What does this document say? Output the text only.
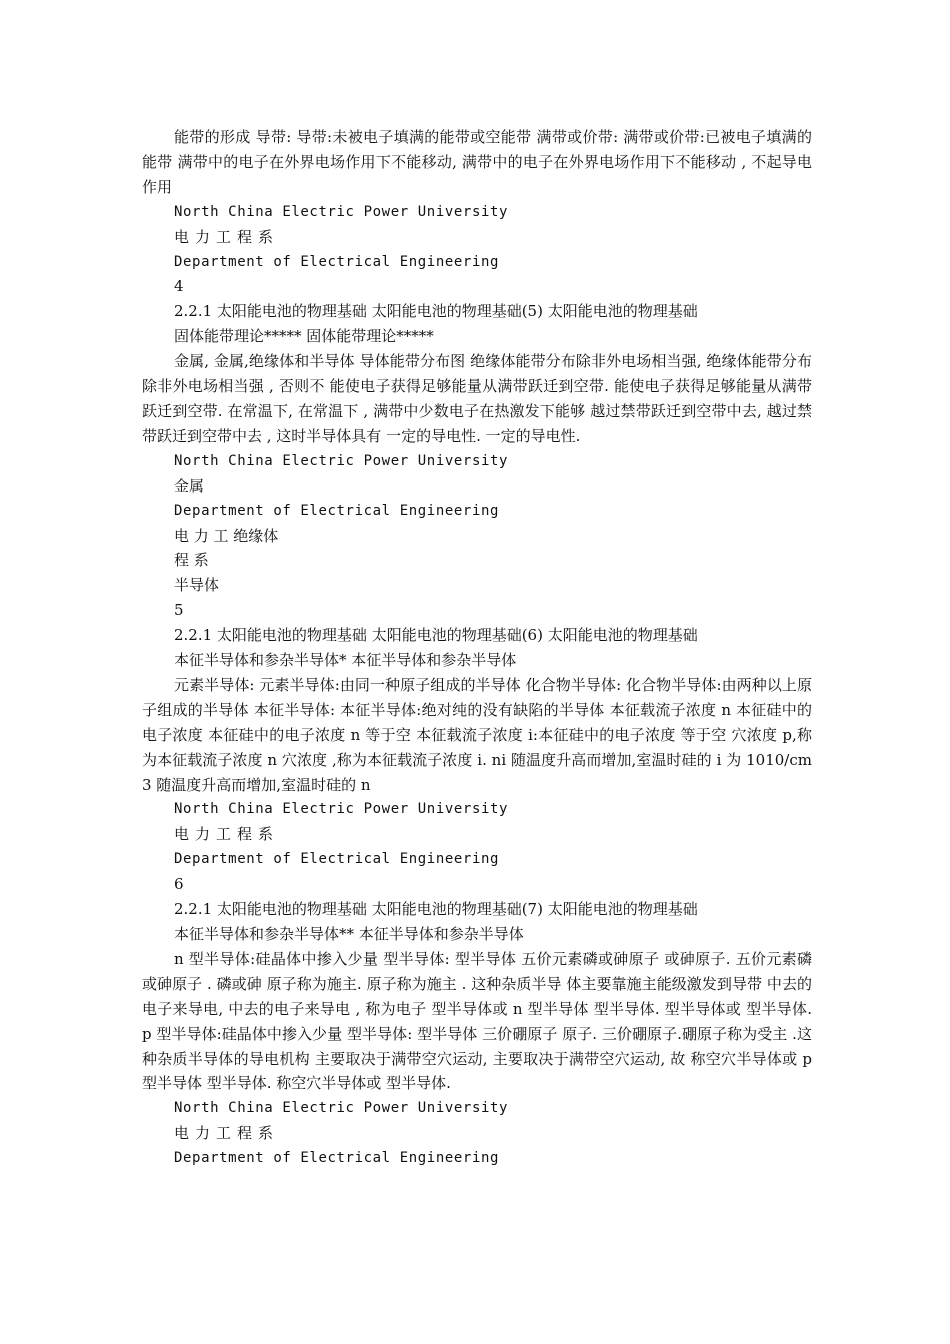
能带的形成 导带: 导带:未被电子填满的能带或空能带 满带或价带: 满带或价带:已被电子填满的能带 满带中的电子在外界电场作用下不能移动, 满带中的电子在外界电场作用下不能移动 , 不起导电作用

North China Electric Power University

电力工程系

Department of Electrical Engineering

4

2.2.1 太阳能电池的物理基础 太阳能电池的物理基础(5) 太阳能电池的物理基础

固体能带理论***** 固体能带理论*****

金属, 金属,绝缘体和半导体 导体能带分布图 绝缘体能带分布除非外电场相当强, 绝缘体能带分布除非外电场相当强 , 否则不 能使电子获得足够能量从满带跃迁到空带. 能使电子获得足够能量从满带跃迁到空带. 在常温下, 在常温下 , 满带中少数电子在热激发下能够 越过禁带跃迁到空带中去, 越过禁带跃迁到空带中去 , 这时半导体具有 一定的导电性. 一定的导电性.

North China Electric Power University

金属

Department of Electrical Engineering

电 力 工 绝缘体

程 系

半导体

5

2.2.1 太阳能电池的物理基础 太阳能电池的物理基础(6) 太阳能电池的物理基础

本征半导体和参杂半导体* 本征半导体和参杂半导体

元素半导体: 元素半导体:由同一种原子组成的半导体 化合物半导体: 化合物半导体:由两种以上原子组成的半导体 本征半导体: 本征半导体:绝对纯的没有缺陷的半导体 本征载流子浓度 n 本征硅中的电子浓度 本征硅中的电子浓度 n 等于空 本征载流子浓度 i:本征硅中的电子浓度 等于空 穴浓度 p,称为本征载流子浓度 n 穴浓度 ,称为本征载流子浓度 i. ni 随温度升高而增加,室温时硅的 i 为 1010/cm3 随温度升高而增加,室温时硅的 n

North China Electric Power University

电力工程系

Department of Electrical Engineering

6

2.2.1 太阳能电池的物理基础 太阳能电池的物理基础(7) 太阳能电池的物理基础

本征半导体和参杂半导体** 本征半导体和参杂半导体

n 型半导体:硅晶体中掺入少量 型半导体: 型半导体 五价元素磷或砷原子 或砷原子. 五价元素磷 或砷原子 . 磷或砷 原子称为施主. 原子称为施主 . 这种杂质半导 体主要靠施主能级激发到导带 中去的电子来导电, 中去的电子来导电 , 称为电子 型半导体或 n 型半导体 型半导体. 型半导体或 型半导体. p 型半导体:硅晶体中掺入少量 型半导体: 型半导体 三价硼原子 原子. 三价硼原子.硼原子称为受主 .这种杂质半导体的导电机构 主要取决于满带空穴运动, 主要取决于满带空穴运动, 故 称空穴半导体或 p 型半导体 型半导体. 称空穴半导体或 型半导体.

North China Electric Power University

电力工程系

Department of Electrical Engineering
